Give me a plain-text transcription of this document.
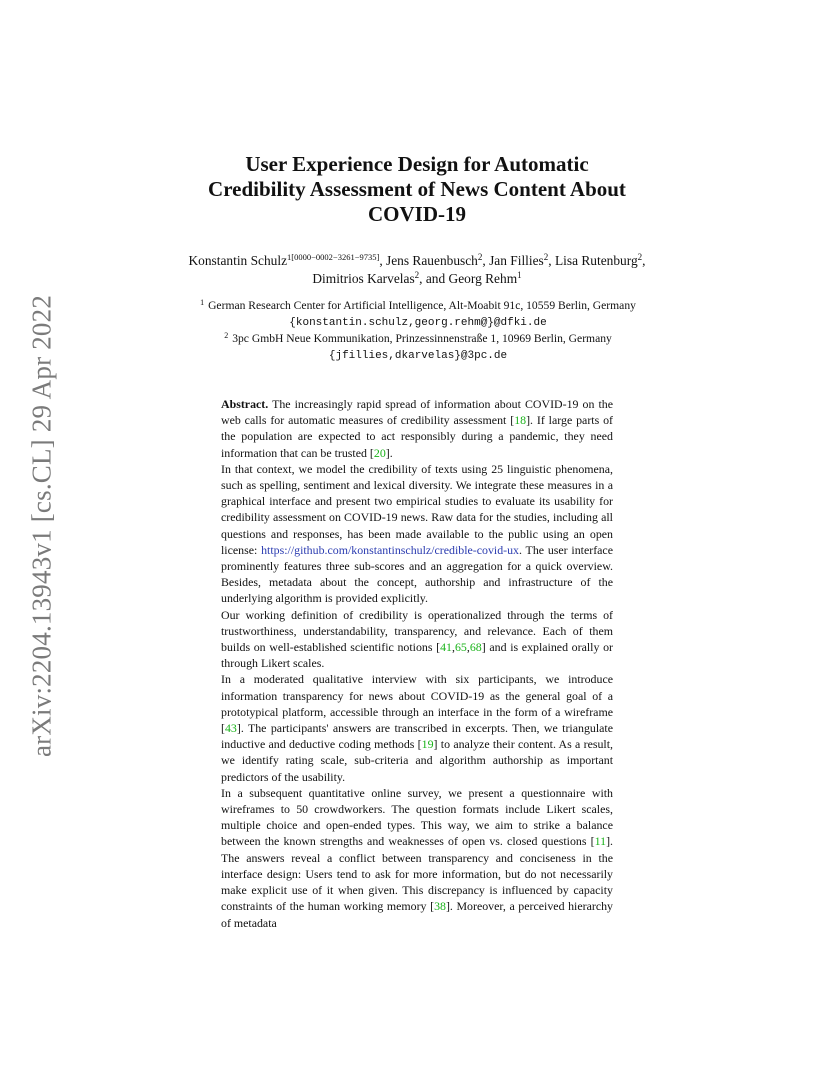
arXiv:2204.13943v1 [cs.CL] 29 Apr 2022
User Experience Design for Automatic
Credibility Assessment of News Content About
COVID-19
Konstantin Schulz$^{1[0000-0002-3261-9735]}$, Jens Rauenbusch$^2$, Jan Fillies$^2$, Lisa Rutenburg$^2$, Dimitrios Karvelas$^2$, and Georg Rehm$^1$
$^1$ German Research Center for Artificial Intelligence, Alt-Moabit 91c, 10559 Berlin, Germany {konstantin.schulz,georg.rehm@}@dfki.de
$^2$ 3pc GmbH Neue Kommunikation, Prinzessinnenstraße 1, 10969 Berlin, Germany {jfillies,dkarvelas}@3pc.de

Abstract. The increasingly rapid spread of information about COVID-19 on the web calls for automatic measures of credibility assessment [18]. If large parts of the population are expected to act responsibly during a pandemic, they need information that can be trusted [20].

In that context, we model the credibility of texts using 25 linguistic phenomena, such as spelling, sentiment and lexical diversity. We integrate these measures in a graphical interface and present two empirical studies to evaluate its usability for credibility assessment on COVID-19 news. Raw data for the studies, including all questions and responses, has been made available to the public using an open license: https://github.com/konstantinschulz/credible-covid-ux. The user interface prominently features three sub-scores and an aggregation for a quick overview. Besides, metadata about the concept, authorship and infrastructure of the underlying algorithm is provided explicitly.

Our working definition of credibility is operationalized through the terms of trustworthiness, understandability, transparency, and relevance. Each of them builds on well-established scientific notions [41,65,68] and is explained orally or through Likert scales.

In a moderated qualitative interview with six participants, we introduce information transparency for news about COVID-19 as the general goal of a prototypical platform, accessible through an interface in the form of a wireframe [43]. The participants' answers are transcribed in excerpts. Then, we triangulate inductive and deductive coding methods [19] to analyze their content. As a result, we identify rating scale, sub-criteria and algorithm authorship as important predictors of the usability.

In a subsequent quantitative online survey, we present a questionnaire with wireframes to 50 crowdworkers. The question formats include Likert scales, multiple choice and open-ended types. This way, we aim to strike a balance between the known strengths and weaknesses of open vs. closed questions [11]. The answers reveal a conflict between transparency and conciseness in the interface design: Users tend to ask for more information, but do not necessarily make explicit use of it when given. This discrepancy is influenced by capacity constraints of the human working memory [38]. Moreover, a perceived hierarchy of metadata
